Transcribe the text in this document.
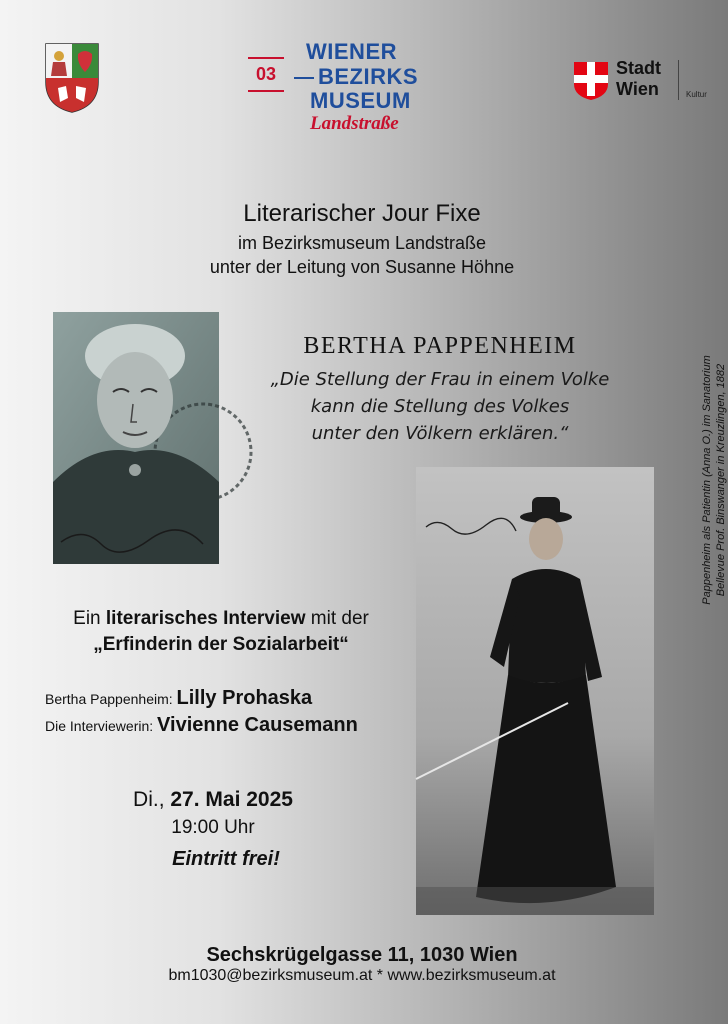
03
WIENER
BEZIRKS
MUSEUM
Landstraße
Stadt
Wien	Kultur
Literarischer Jour Fixe
im Bezirksmuseum Landstraße
unter der Leitung von Susanne Höhne
BERTHA PAPPENHEIM
„Die Stellung der Frau in einem Volke
kann die Stellung des Volkes
unter den Völkern erklären.“	Pappenheim als Patientin (Anna O.) im Sanatorium Bellevue Prof. Binswanger in Kreuzlingen, 1882
Ein literarisches Interview mit der
„Erfinderin der Sozialarbeit“
Bertha Pappenheim: Lilly Prohaska
Die Interviewerin: Vivienne Causemann
Di., 27. Mai 2025
19:00 Uhr
Eintritt frei!
Sechskrügelgasse 11, 1030 Wien
bm1030@bezirksmuseum.at * www.bezirksmuseum.at
